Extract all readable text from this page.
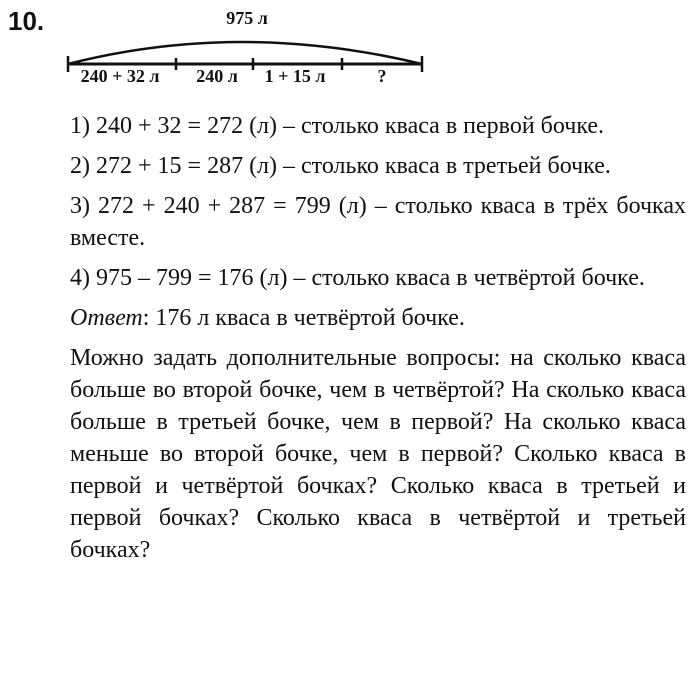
10.	975 л
240 + 32 л 240 л 1 + 15 л	?

1) 240 + 32 = 272 (л) – столько кваса в первой бочке.

2) 272 + 15 = 287 (л) – столько кваса в третьей бочке.

3) 272 + 240 + 287 = 799 (л) – столько кваса в трёх бочках вместе.

4) 975 – 799 = 176 (л) – столько кваса в четвёртой бочке.

Ответ: 176 л кваса в четвёртой бочке.

Можно задать дополнительные вопросы: на сколько кваса больше во второй бочке, чем в четвёртой? На сколько кваса больше в третьей бочке, чем в первой? На сколько кваса меньше во второй бочке, чем в первой? Сколько кваса в первой и четвёртой бочках? Сколько кваса в третьей и первой бочках? Сколько кваса в четвёртой и третьей бочках?
